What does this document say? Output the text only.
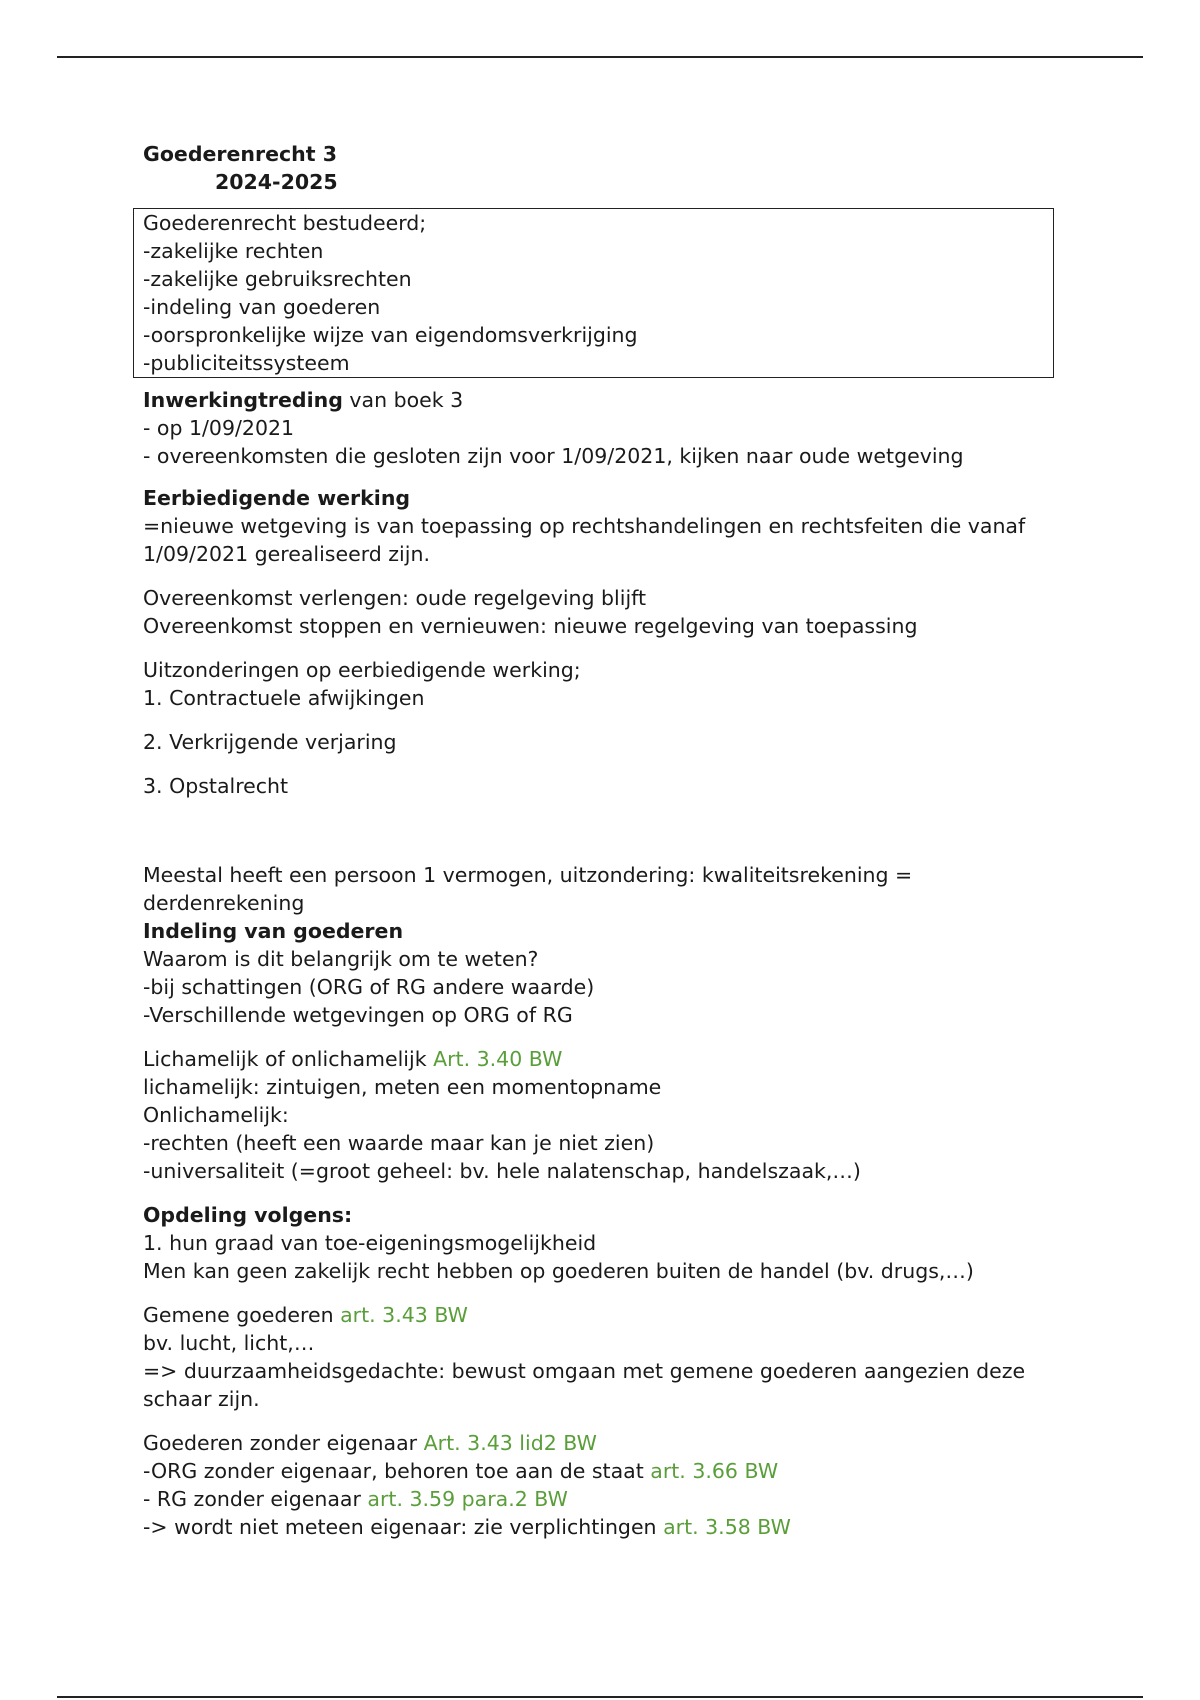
Goederenrecht 3
2024-2025
Goederenrecht bestudeerd;
-zakelijke rechten
-zakelijke gebruiksrechten
-indeling van goederen
-oorspronkelijke wijze van eigendomsverkrijging
-publiciteitssysteem
Inwerkingtreding van boek 3
- op 1/09/2021
- overeenkomsten die gesloten zijn voor 1/09/2021, kijken naar oude wetgeving
Eerbiedigende werking
=nieuwe wetgeving is van toepassing op rechtshandelingen en rechtsfeiten die vanaf 1/09/2021 gerealiseerd zijn.
Overeenkomst verlengen: oude regelgeving blijft
Overeenkomst stoppen en vernieuwen: nieuwe regelgeving van toepassing
Uitzonderingen op eerbiedigende werking;
1. Contractuele afwijkingen
2. Verkrijgende verjaring
3. Opstalrecht
Meestal heeft een persoon 1 vermogen, uitzondering: kwaliteitsrekening = derdenrekening
Indeling van goederen
Waarom is dit belangrijk om te weten?
-bij schattingen (ORG of RG andere waarde)
-Verschillende wetgevingen op ORG of RG
Lichamelijk of onlichamelijk Art. 3.40 BW
lichamelijk: zintuigen, meten een momentopname
Onlichamelijk:
-rechten (heeft een waarde maar kan je niet zien)
-universaliteit (=groot geheel: bv. hele nalatenschap, handelszaak,…)
Opdeling volgens:
1. hun graad van toe-eigeningsmogelijkheid
Men kan geen zakelijk recht hebben op goederen buiten de handel (bv. drugs,…)
Gemene goederen art. 3.43 BW
bv. lucht, licht,…
=> duurzaamheidsgedachte: bewust omgaan met gemene goederen aangezien deze schaar zijn.
Goederen zonder eigenaar Art. 3.43 lid2 BW
-ORG zonder eigenaar, behoren toe aan de staat art. 3.66 BW
- RG zonder eigenaar art. 3.59 para.2 BW
-> wordt niet meteen eigenaar: zie verplichtingen art. 3.58 BW
